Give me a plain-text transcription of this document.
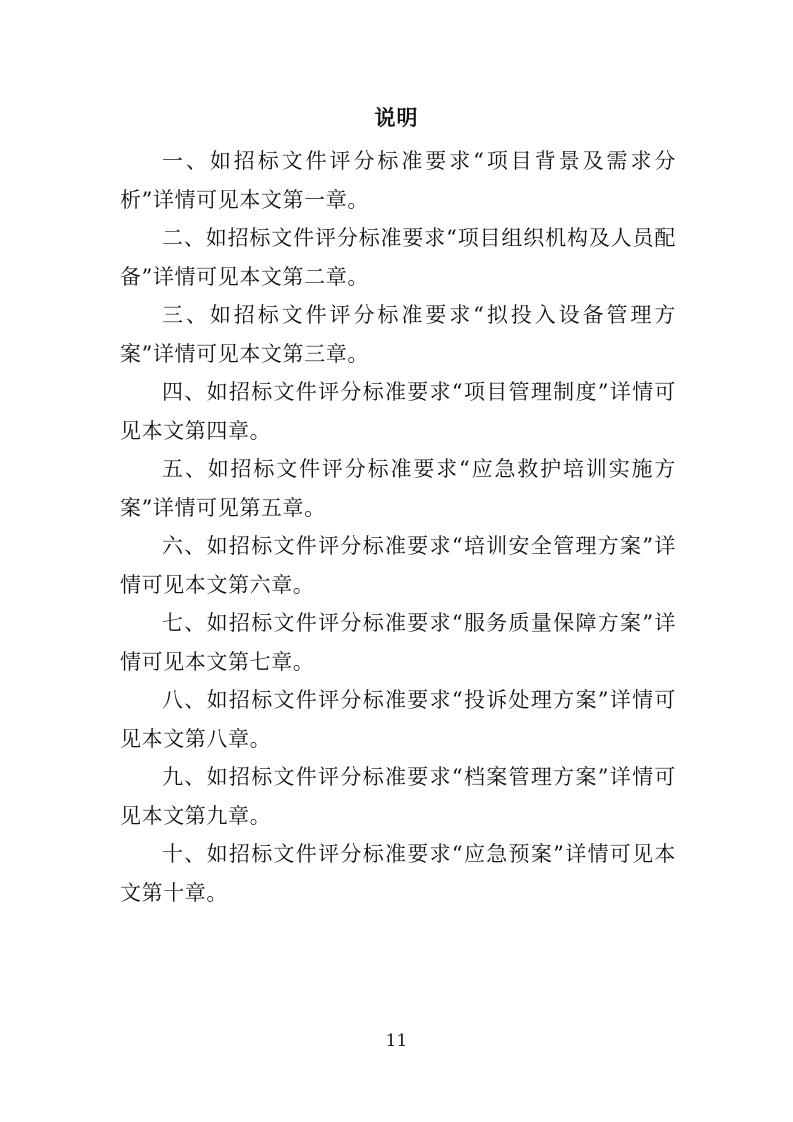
说明

一、如招标文件评分标准要求“项目背景及需求分析”详情可见本文第一章。

二、如招标文件评分标准要求“项目组织机构及人员配备”详情可见本文第二章。

三、如招标文件评分标准要求“拟投入设备管理方案”详情可见本文第三章。

四、如招标文件评分标准要求“项目管理制度”详情可见本文第四章。

五、如招标文件评分标准要求“应急救护培训实施方案”详情可见第五章。

六、如招标文件评分标准要求“培训安全管理方案”详情可见本文第六章。

七、如招标文件评分标准要求“服务质量保障方案”详情可见本文第七章。

八、如招标文件评分标准要求“投诉处理方案”详情可见本文第八章。

九、如招标文件评分标准要求“档案管理方案”详情可见本文第九章。

十、如招标文件评分标准要求“应急预案”详情可见本文第十章。

11
